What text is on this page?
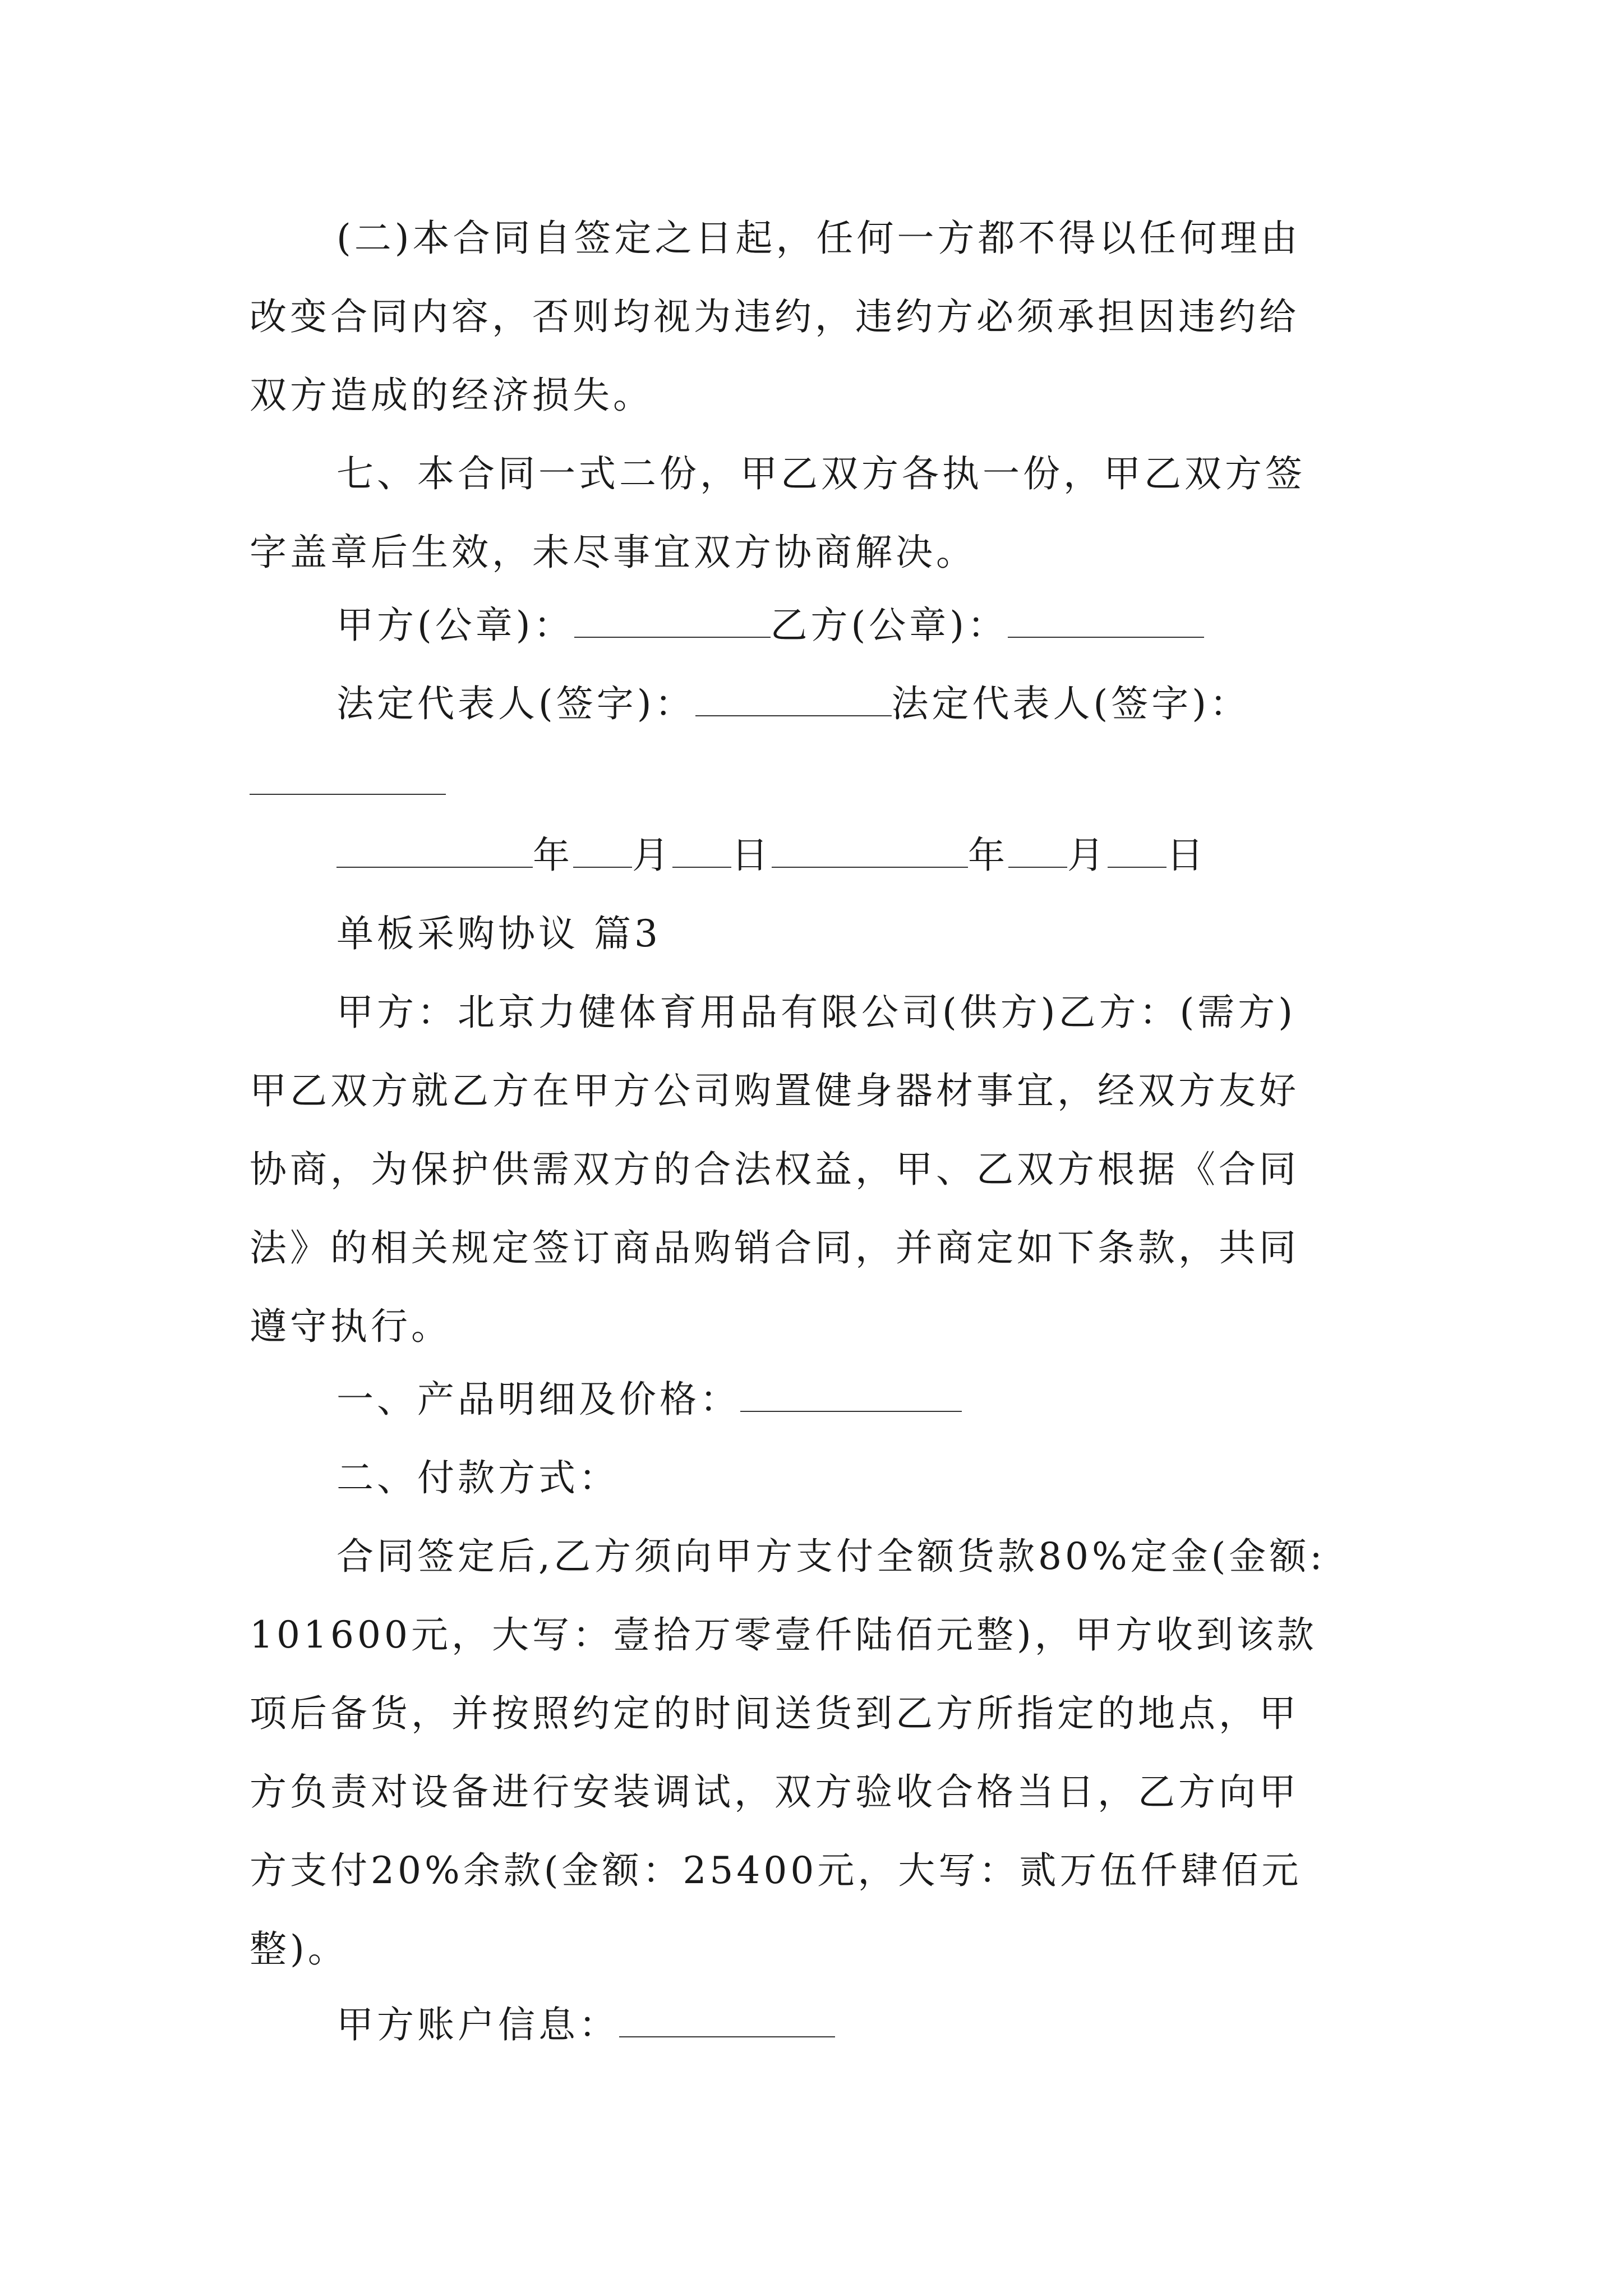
(二)本合同自签定之日起，任何一方都不得以任何理由
改变合同内容，否则均视为违约，违约方必须承担因违约给
双方造成的经济损失。
七、本合同一式二份，甲乙双方各执一份，甲乙双方签
字盖章后生效，未尽事宜双方协商解决。
甲方(公章)：	乙方(公章)：
法定代表人(签字)：	法定代表人(签字)：
年 月 日	年 月 日
单板采购协议 篇3
甲方：北京力健体育用品有限公司(供方)乙方：(需方)
甲乙双方就乙方在甲方公司购置健身器材事宜，经双方友好
协商，为保护供需双方的合法权益，甲、乙双方根据《合同
法》的相关规定签订商品购销合同，并商定如下条款，共同
遵守执行。
一、产品明细及价格：
二、付款方式：
合同签定后,乙方须向甲方支付全额货款80%定金(金额:
101600元，大写：壹拾万零壹仟陆佰元整)，甲方收到该款
项后备货，并按照约定的时间送货到乙方所指定的地点，甲
方负责对设备进行安装调试，双方验收合格当日，乙方向甲
方支付20%余款(金额：25400元，大写：贰万伍仟肆佰元
整)。
甲方账户信息：
